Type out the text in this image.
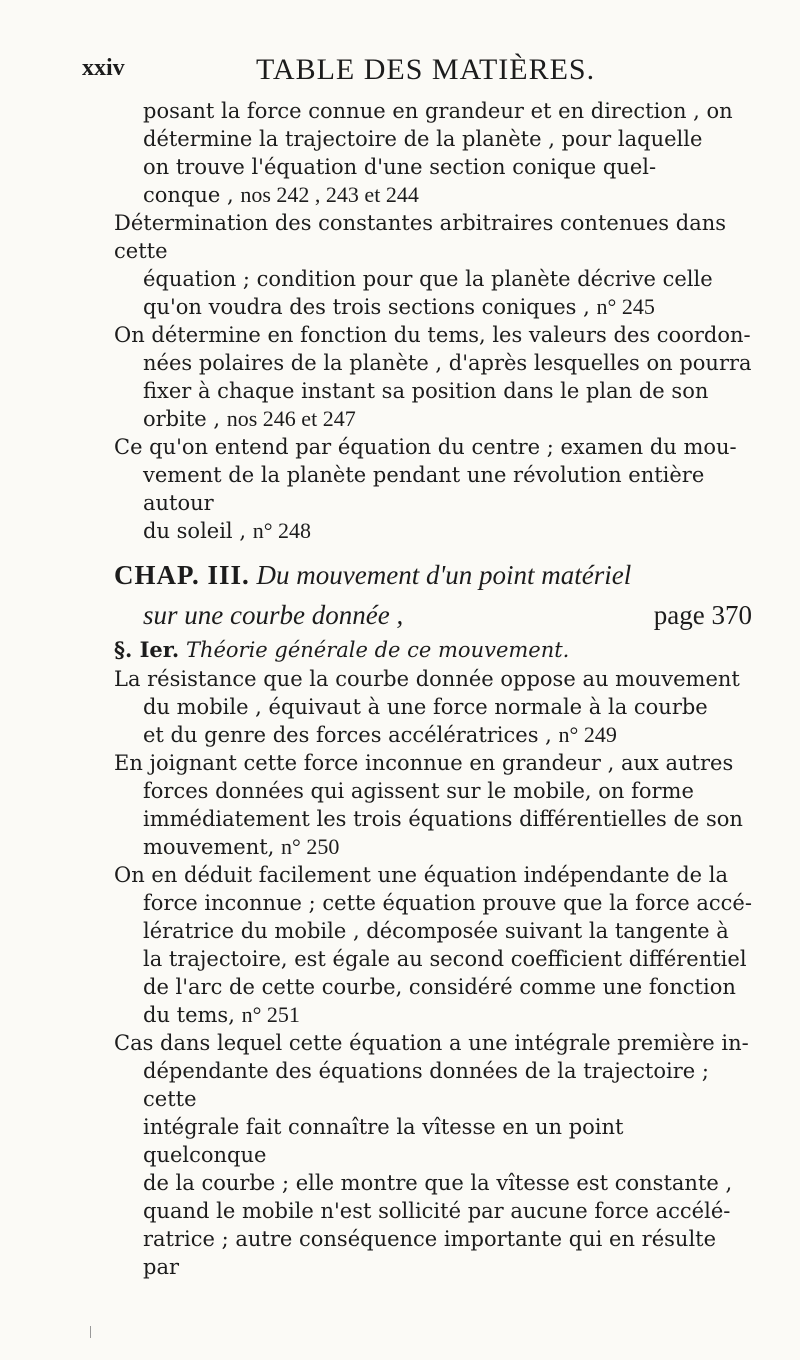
xxiv	TABLE DES MATIÈRES.
posant la force connue en grandeur et en direction , on
détermine la trajectoire de la planète , pour laquelle
on trouve l'équation d'une section conique quel-
conque , nos 242 , 243 et 244
Détermination des constantes arbitraires contenues dans cette
équation ; condition pour que la planète décrive celle
qu'on voudra des trois sections coniques , n° 245
On détermine en fonction du tems, les valeurs des coordon-
nées polaires de la planète , d'après lesquelles on pourra
fixer à chaque instant sa position dans le plan de son
orbite , nos 246 et 247
Ce qu'on entend par équation du centre ; examen du mou-
vement de la planète pendant une révolution entière autour
du soleil , n° 248
CHAP. III. Du mouvement d'un point matériel
sur une courbe donnée ,	page 370
§. Ier. Théorie générale de ce mouvement.
La résistance que la courbe donnée oppose au mouvement
du mobile , équivaut à une force normale à la courbe
et du genre des forces accélératrices , n° 249
En joignant cette force inconnue en grandeur , aux autres
forces données qui agissent sur le mobile, on forme
immédiatement les trois équations différentielles de son
mouvement, n° 250
On en déduit facilement une équation indépendante de la
force inconnue ; cette équation prouve que la force accé-
lératrice du mobile , décomposée suivant la tangente à
la trajectoire, est égale au second coefficient différentiel
de l'arc de cette courbe, considéré comme une fonction
du tems, n° 251
Cas dans lequel cette équation a une intégrale première in-
dépendante des équations données de la trajectoire ; cette
intégrale fait connaître la vîtesse en un point quelconque
de la courbe ; elle montre que la vîtesse est constante ,
quand le mobile n'est sollicité par aucune force accélé-
ratrice ; autre conséquence importante qui en résulte par
